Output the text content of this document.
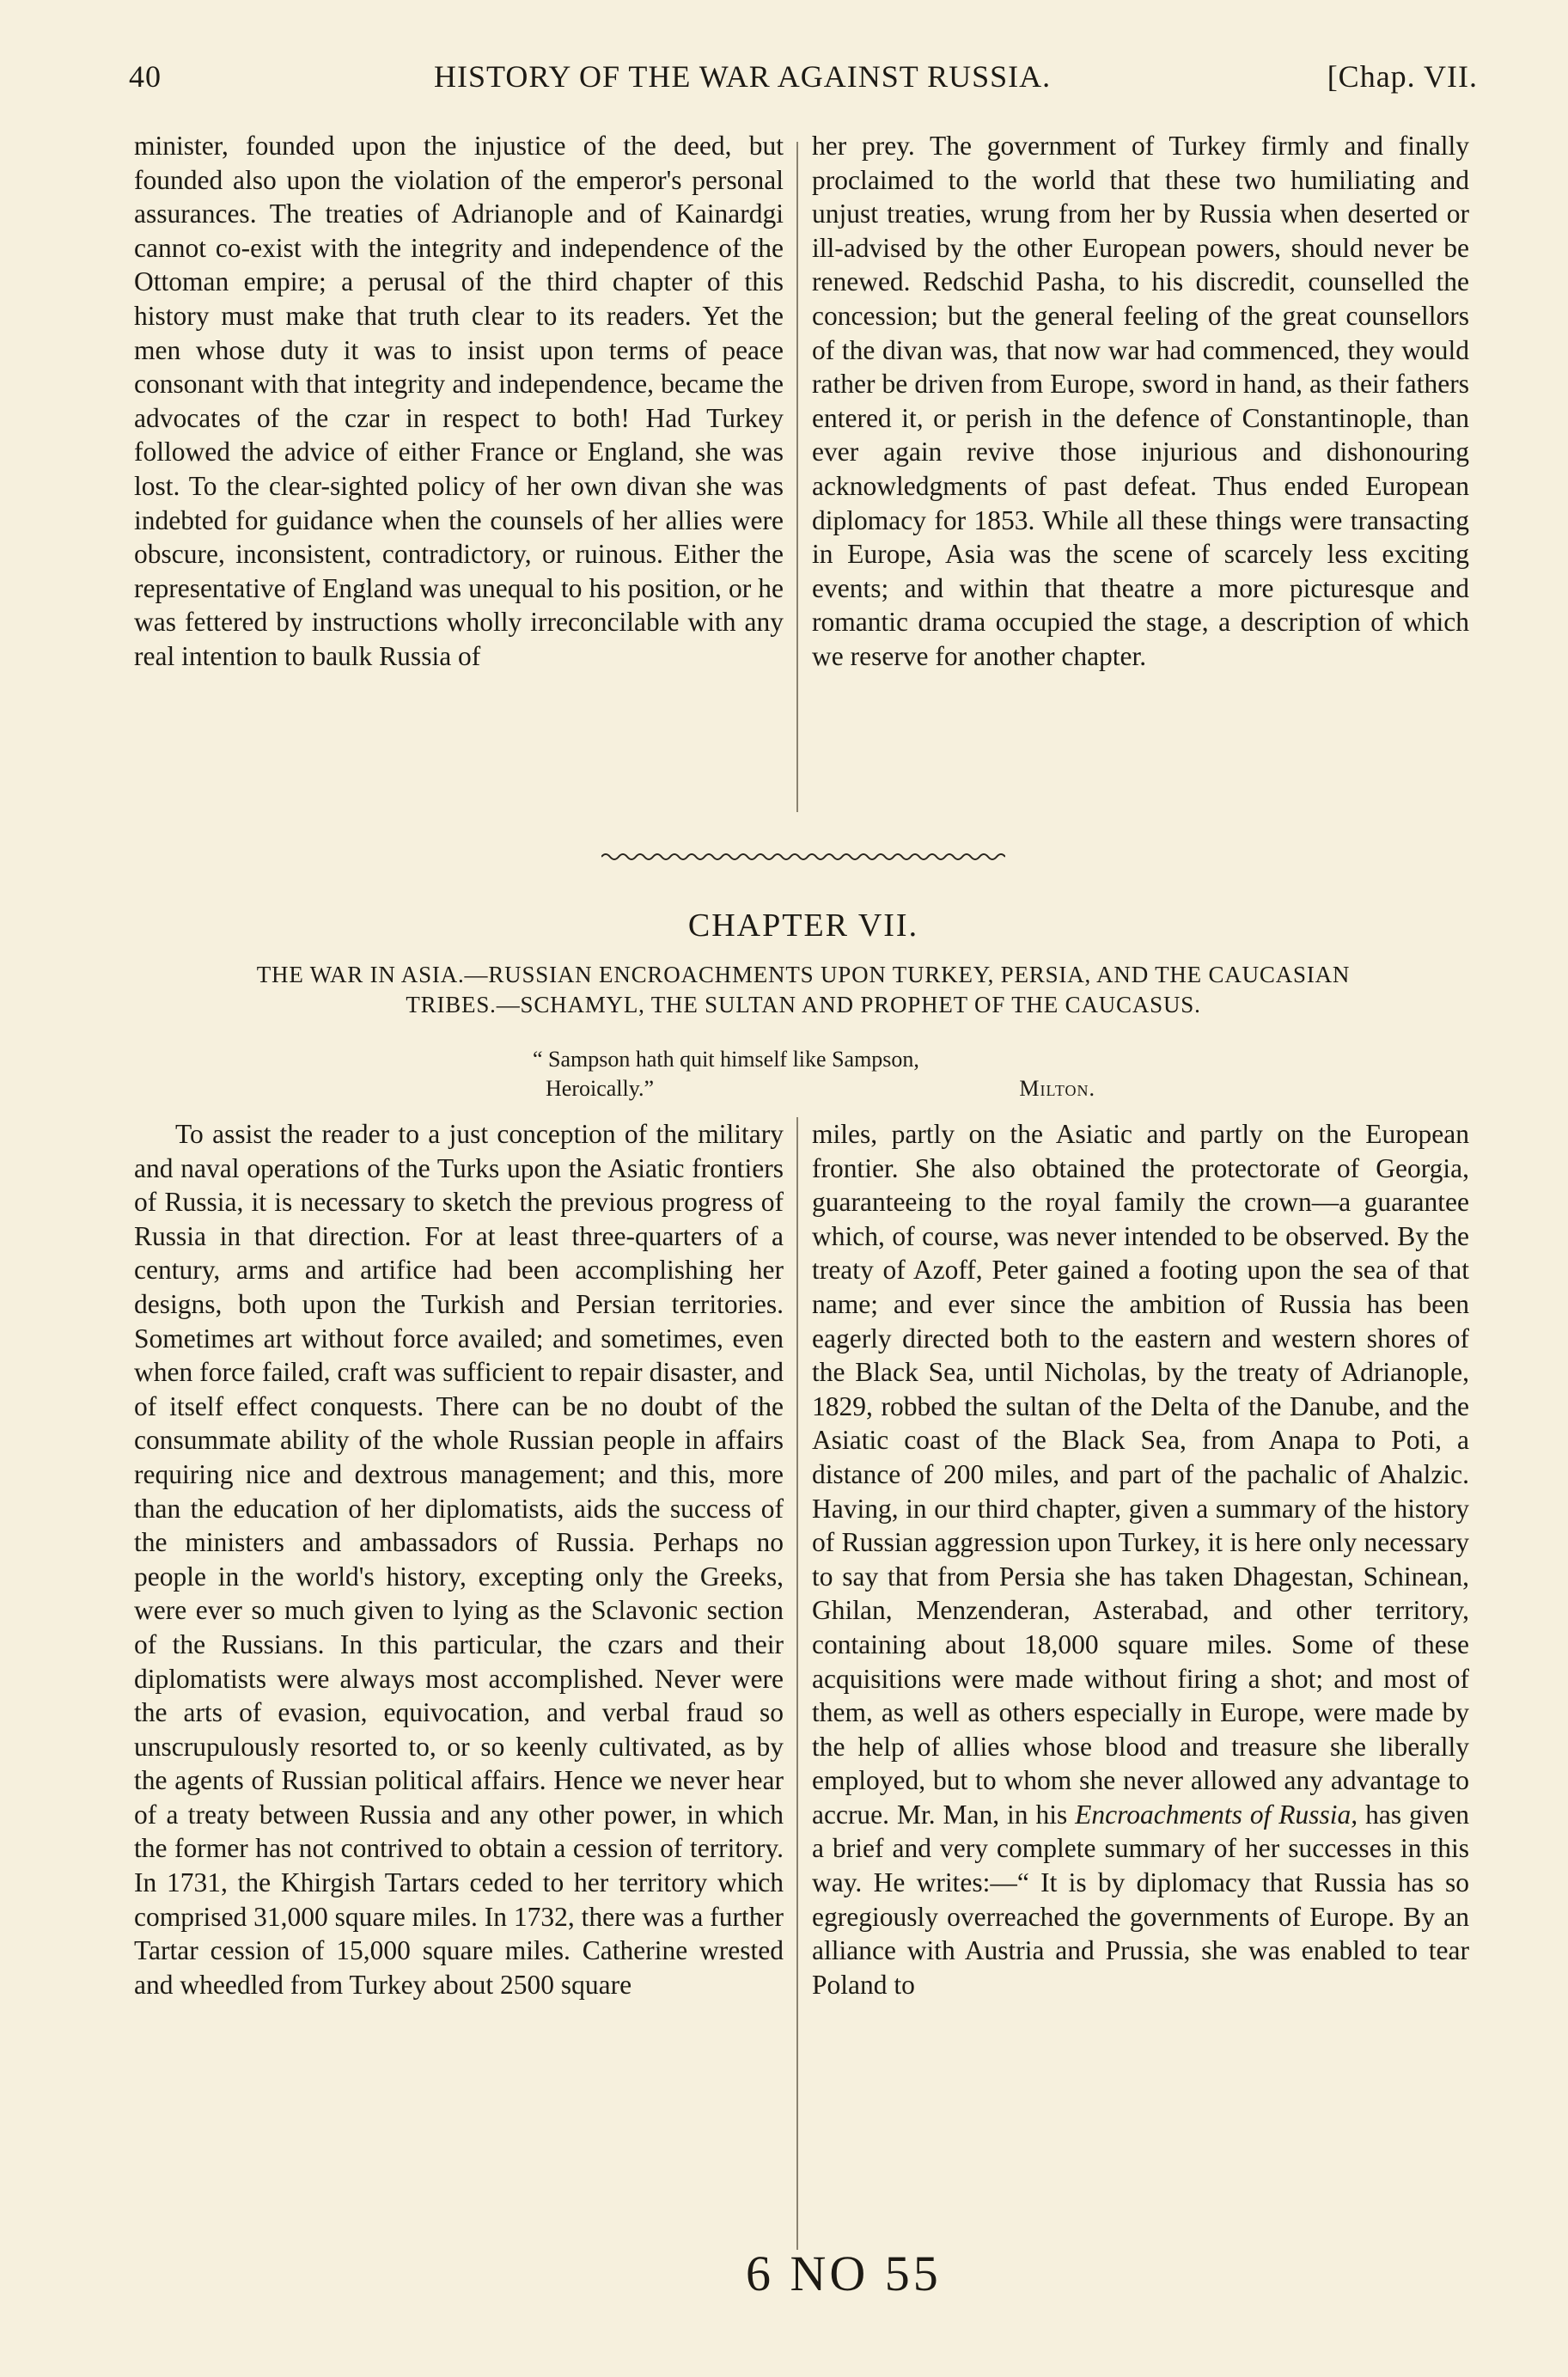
40	HISTORY OF THE WAR AGAINST RUSSIA.	[Chap. VII.

minister, founded upon the injustice of the deed, but founded also upon the violation of the emperor's personal assurances. The treaties of Adrianople and of Kainardgi cannot co-exist with the integrity and independence of the Ottoman empire; a perusal of the third chapter of this history must make that truth clear to its readers. Yet the men whose duty it was to insist upon terms of peace consonant with that integrity and independence, became the advocates of the czar in respect to both! Had Turkey followed the advice of either France or England, she was lost. To the clear-sighted policy of her own divan she was indebted for guidance when the counsels of her allies were obscure, inconsistent, contradictory, or ruinous. Either the representative of England was unequal to his position, or he was fettered by instructions wholly irreconcilable with any real intention to baulk Russia of

her prey. The government of Turkey firmly and finally proclaimed to the world that these two humiliating and unjust treaties, wrung from her by Russia when deserted or ill-advised by the other European powers, should never be renewed. Redschid Pasha, to his discredit, counselled the concession; but the general feeling of the great counsellors of the divan was, that now war had commenced, they would rather be driven from Europe, sword in hand, as their fathers entered it, or perish in the defence of Constantinople, than ever again revive those injurious and dishonouring acknowledgments of past defeat. Thus ended European diplomacy for 1853. While all these things were transacting in Europe, Asia was the scene of scarcely less exciting events; and within that theatre a more picturesque and romantic drama occupied the stage, a description of which we reserve for another chapter.

CHAPTER VII.

THE WAR IN ASIA.—RUSSIAN ENCROACHMENTS UPON TURKEY, PERSIA, AND THE CAUCASIAN
TRIBES.—SCHAMYL, THE SULTAN AND PROPHET OF THE CAUCASUS.

“ Sampson hath quit himself like Sampson,
Heroically.”	Milton.

To assist the reader to a just conception of the military and naval operations of the Turks upon the Asiatic frontiers of Russia, it is necessary to sketch the previous progress of Russia in that direction. For at least three-quarters of a century, arms and artifice had been accomplishing her designs, both upon the Turkish and Persian territories. Sometimes art without force availed; and sometimes, even when force failed, craft was sufficient to repair disaster, and of itself effect conquests. There can be no doubt of the consummate ability of the whole Russian people in affairs requiring nice and dextrous management; and this, more than the education of her diplomatists, aids the success of the ministers and ambassadors of Russia. Perhaps no people in the world's history, excepting only the Greeks, were ever so much given to lying as the Sclavonic section of the Russians. In this particular, the czars and their diplomatists were always most accomplished. Never were the arts of evasion, equivocation, and verbal fraud so unscrupulously resorted to, or so keenly cultivated, as by the agents of Russian political affairs. Hence we never hear of a treaty between Russia and any other power, in which the former has not contrived to obtain a cession of territory. In 1731, the Khirgish Tartars ceded to her territory which comprised 31,000 square miles. In 1732, there was a further Tartar cession of 15,000 square miles. Catherine wrested and wheedled from Turkey about 2500 square

miles, partly on the Asiatic and partly on the European frontier. She also obtained the protectorate of Georgia, guaranteeing to the royal family the crown—a guarantee which, of course, was never intended to be observed. By the treaty of Azoff, Peter gained a footing upon the sea of that name; and ever since the ambition of Russia has been eagerly directed both to the eastern and western shores of the Black Sea, until Nicholas, by the treaty of Adrianople, 1829, robbed the sultan of the Delta of the Danube, and the Asiatic coast of the Black Sea, from Anapa to Poti, a distance of 200 miles, and part of the pachalic of Ahalzic. Having, in our third chapter, given a summary of the history of Russian aggression upon Turkey, it is here only necessary to say that from Persia she has taken Dhagestan, Schinean, Ghilan, Menzenderan, Asterabad, and other territory, containing about 18,000 square miles. Some of these acquisitions were made without firing a shot; and most of them, as well as others especially in Europe, were made by the help of allies whose blood and treasure she liberally employed, but to whom she never allowed any advantage to accrue. Mr. Man, in his Encroachments of Russia, has given a brief and very complete summary of her successes in this way. He writes:—“ It is by diplomacy that Russia has so egregiously overreached the governments of Europe. By an alliance with Austria and Prussia, she was enabled to tear Poland to

6 NO 55
